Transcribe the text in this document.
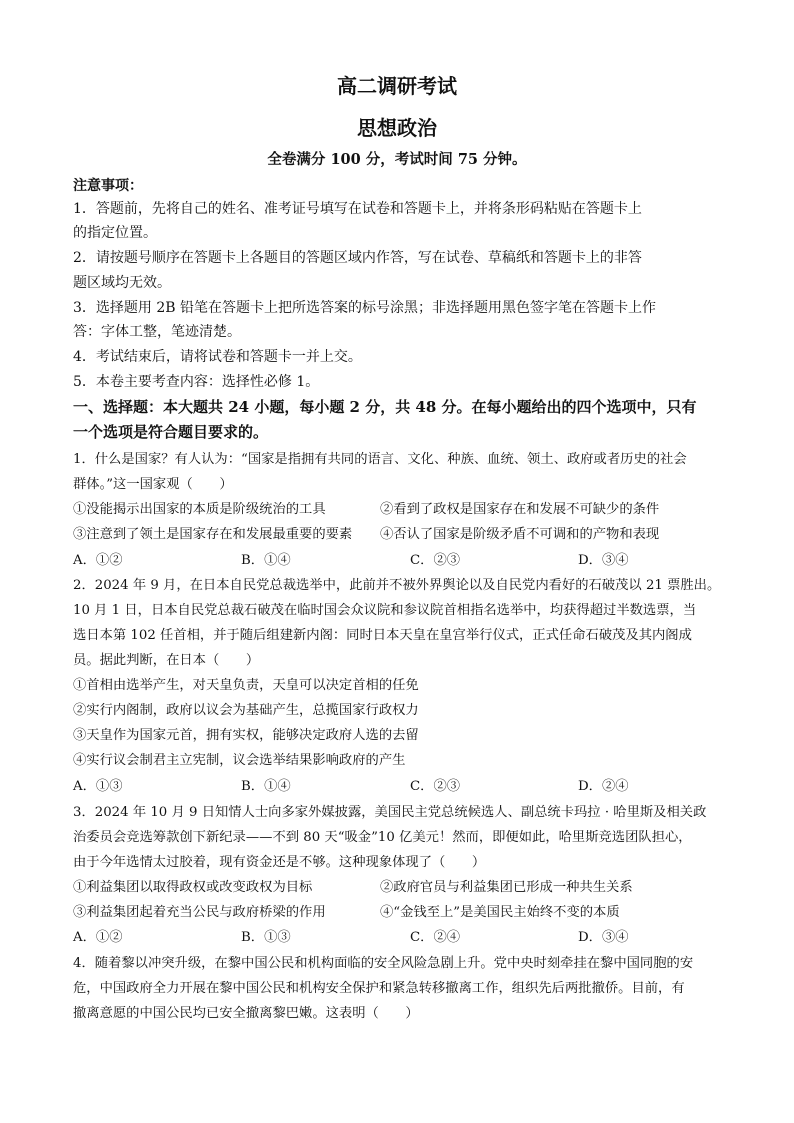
高二调研考试
思想政治
全卷满分 100 分，考试时间 75 分钟。
注意事项：
1．答题前，先将自己的姓名、准考证号填写在试卷和答题卡上，并将条形码粘贴在答题卡上
的指定位置。
2．请按题号顺序在答题卡上各题目的答题区域内作答，写在试卷、草稿纸和答题卡上的非答
题区域均无效。
3．选择题用 2B 铅笔在答题卡上把所选答案的标号涂黑；非选择题用黑色签字笔在答题卡上作
答：字体工整，笔迹清楚。
4．考试结束后，请将试卷和答题卡一并上交。
5．本卷主要考查内容：选择性必修 1。
一、选择题：本大题共 24 小题，每小题 2 分，共 48 分。在每小题给出的四个选项中，只有
一个选项是符合题目要求的。
1．什么是国家？有人认为：“国家是指拥有共同的语言、文化、种族、血统、领土、政府或者历史的社会
群体。”这一国家观（　　）
①没能揭示出国家的本质是阶级统治的工具	②看到了政权是国家存在和发展不可缺少的条件
③注意到了领土是国家存在和发展最重要的要素 ④否认了国家是阶级矛盾不可调和的产物和表现
A．①②	B．①④	C．②③	D．③④
2．2024 年 9 月，在日本自民党总裁选举中，此前并不被外界舆论以及自民党内看好的石破茂以 21 票胜出。
10 月 1 日，日本自民党总裁石破茂在临时国会众议院和参议院首相指名选举中，均获得超过半数选票，当
选日本第 102 任首相，并于随后组建新内阁：同时日本天皇在皇宫举行仪式，正式任命石破茂及其内阁成
员。据此判断，在日本（　　）
①首相由选举产生，对天皇负责，天皇可以决定首相的任免
②实行内阁制，政府以议会为基础产生，总揽国家行政权力
③天皇作为国家元首，拥有实权，能够决定政府人选的去留
④实行议会制君主立宪制，议会选举结果影响政府的产生
A．①③	B．①④	C．②③	D．②④
3．2024 年 10 月 9 日知情人士向多家外媒披露，美国民主党总统候选人、副总统卡玛拉 · 哈里斯及相关政
治委员会竞选筹款创下新纪录——不到 80 天“吸金”10 亿美元！然而，即便如此，哈里斯竞选团队担心，
由于今年选情太过胶着，现有资金还是不够。这种现象体现了（　　）
①利益集团以取得政权或改变政权为目标	②政府官员与利益集团已形成一种共生关系
③利益集团起着充当公民与政府桥梁的作用	④“金钱至上”是美国民主始终不变的本质
A．①②	B．①③	C．②④	D．③④
4．随着黎以冲突升级，在黎中国公民和机构面临的安全风险急剧上升。党中央时刻牵挂在黎中国同胞的安
危，中国政府全力开展在黎中国公民和机构安全保护和紧急转移撤离工作，组织先后两批撤侨。目前，有
撤离意愿的中国公民均已安全撤离黎巴嫩。这表明（　　）
